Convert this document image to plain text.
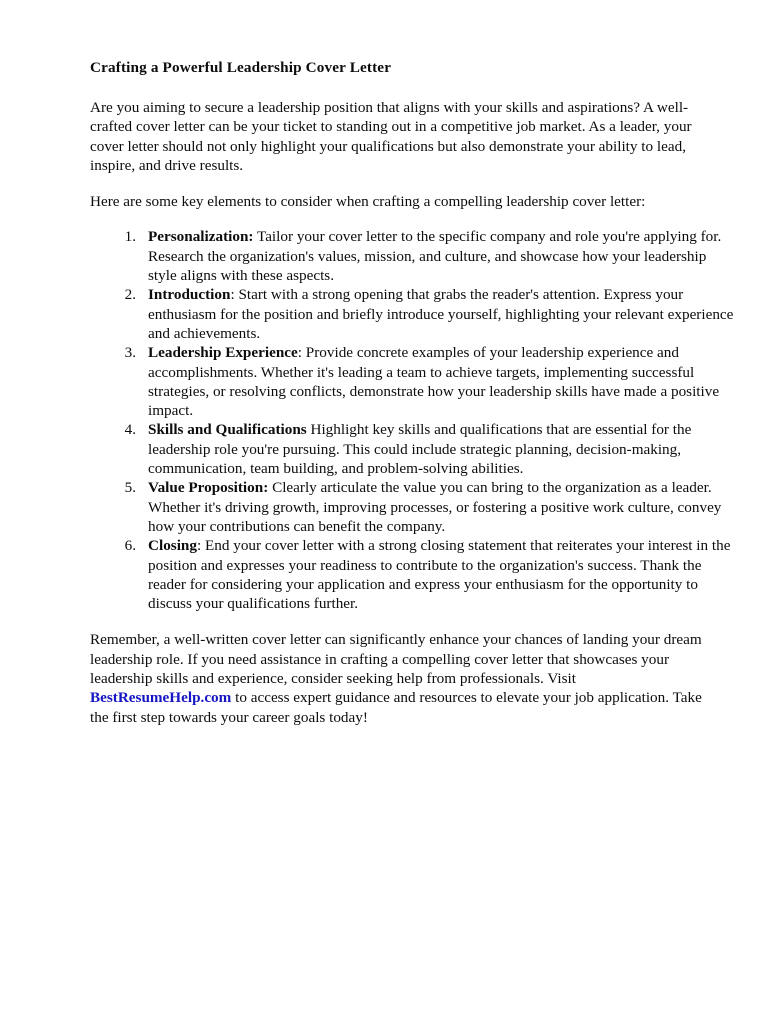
Crafting a Powerful Leadership Cover Letter

Are you aiming to secure a leadership position that aligns with your skills and aspirations? A well-crafted cover letter can be your ticket to standing out in a competitive job market. As a leader, your cover letter should not only highlight your qualifications but also demonstrate your ability to lead, inspire, and drive results.

Here are some key elements to consider when crafting a compelling leadership cover letter:

Personalization: Tailor your cover letter to the specific company and role you're applying for. Research the organization's values, mission, and culture, and showcase how your leadership style aligns with these aspects.
Introduction: Start with a strong opening that grabs the reader's attention. Express your enthusiasm for the position and briefly introduce yourself, highlighting your relevant experience and achievements.
Leadership Experience: Provide concrete examples of your leadership experience and accomplishments. Whether it's leading a team to achieve targets, implementing successful strategies, or resolving conflicts, demonstrate how your leadership skills have made a positive impact.
Skills and Qualifications Highlight key skills and qualifications that are essential for the leadership role you're pursuing. This could include strategic planning, decision-making, communication, team building, and problem-solving abilities.
Value Proposition: Clearly articulate the value you can bring to the organization as a leader. Whether it's driving growth, improving processes, or fostering a positive work culture, convey how your contributions can benefit the company.
Closing: End your cover letter with a strong closing statement that reiterates your interest in the position and expresses your readiness to contribute to the organization's success. Thank the reader for considering your application and express your enthusiasm for the opportunity to discuss your qualifications further.

Remember, a well-written cover letter can significantly enhance your chances of landing your dream leadership role. If you need assistance in crafting a compelling cover letter that showcases your leadership skills and experience, consider seeking help from professionals. Visit BestResumeHelp.com to access expert guidance and resources to elevate your job application. Take the first step towards your career goals today!
